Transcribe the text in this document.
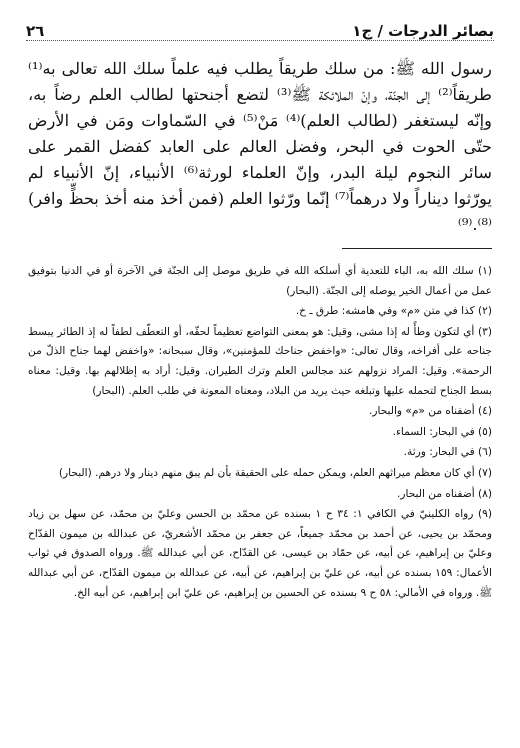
بصائر الدرجات / ج١
٢٦

رسول الله ﷺ: من سلك طريقاً يطلب فيه علماً سلك الله تعالى به⁽¹⁾ طريقاً⁽²⁾ إلى الجنّة، وإنّ الملائكة ﷺ⁽³⁾ لتضع أجنحتها لطالب العلم رضاً به، وإنّه ليستغفر (لطالب العلم)⁽⁴⁾ مَنْ⁽⁵⁾ في السّماوات ومَن في الأرض حتّى الحوت في البحر، وفضل العالم على العابد كفضل القمر على سائر النجوم ليلة البدر، وإنّ العلماء لورثة⁽⁶⁾ الأنبياء، إنّ الأنبياء لم يورّثوا ديناراً ولا درهماً⁽⁷⁾ إنّما ورّثوا العلم (فمن أخذ منه أخذ بحظٍّ وافر)⁽⁸⁾.⁽⁹⁾

(١) سلك الله به، الباء للتعدية أي أسلكه الله في طريق موصل إلى الجنّة في الآخرة أو في الدنيا بتوفيق عمل من أعمال الخير يوصله إلى الجنّة. (البحار)

(٢) كذا في متن «م» وفي هامشه: طرق ـ خ.

(٣) أي لتكون وطأً له إذا مشى، وقيل: هو بمعنى التواضع تعظيماً لحقّه، أو التعطّف لطفاً له إذ الطائر يبسط جناحه على أفراخه، وقال تعالى: «واخفض جناحك للمؤمنين»، وقال سبحانه: «واخفض لهما جناح الذلّ من الرحمة». وقيل: المراد نزولهم عند مجالس العلم وترك الطيران. وقيل: أراد به إظلالهم بها. وقيل: معناه بسط الجناح لتحمله عليها وتبلغه حيث يريد من البلاد، ومعناه المعونة في طلب العلم. (البحار)

(٤) أضفناه من «م» والبحار.

(٥) في البحار: السماء.

(٦) في البحار: ورثة.

(٧) أي كان معظم ميراثهم العلم، ويمكن حمله على الحقيقة بأن لم يبق منهم دينار ولا درهم. (البحار)

(٨) أضفناه من البحار.

(٩) رواه الكلينيّ في الكافي ١: ٣٤ ح ١ بسنده عن محمّد بن الحسن وعليّ بن محمّد، عن سهل بن زياد ومحمّد بن يحيى، عن أحمد بن محمّد جميعاً، عن جعفر بن محمّد الأشعريّ، عن عبدالله بن ميمون القدّاح وعليّ بن إبراهيم، عن أبيه، عن حمّاد بن عيسى، عن القدّاح، عن أبي عبدالله ﷺ. ورواه الصدوق في ثواب الأعمال: ١٥٩ بسنده عن أبيه، عن عليّ بن إبراهيم، عن أبيه، عن عبدالله بن ميمون القدّاح، عن أبي عبدالله ﷺ. ورواه في الأمالي: ٥٨ ح ٩ بسنده عن الحسين بن إبراهيم، عن عليّ ابن إبراهيم، عن أبيه الخ.
